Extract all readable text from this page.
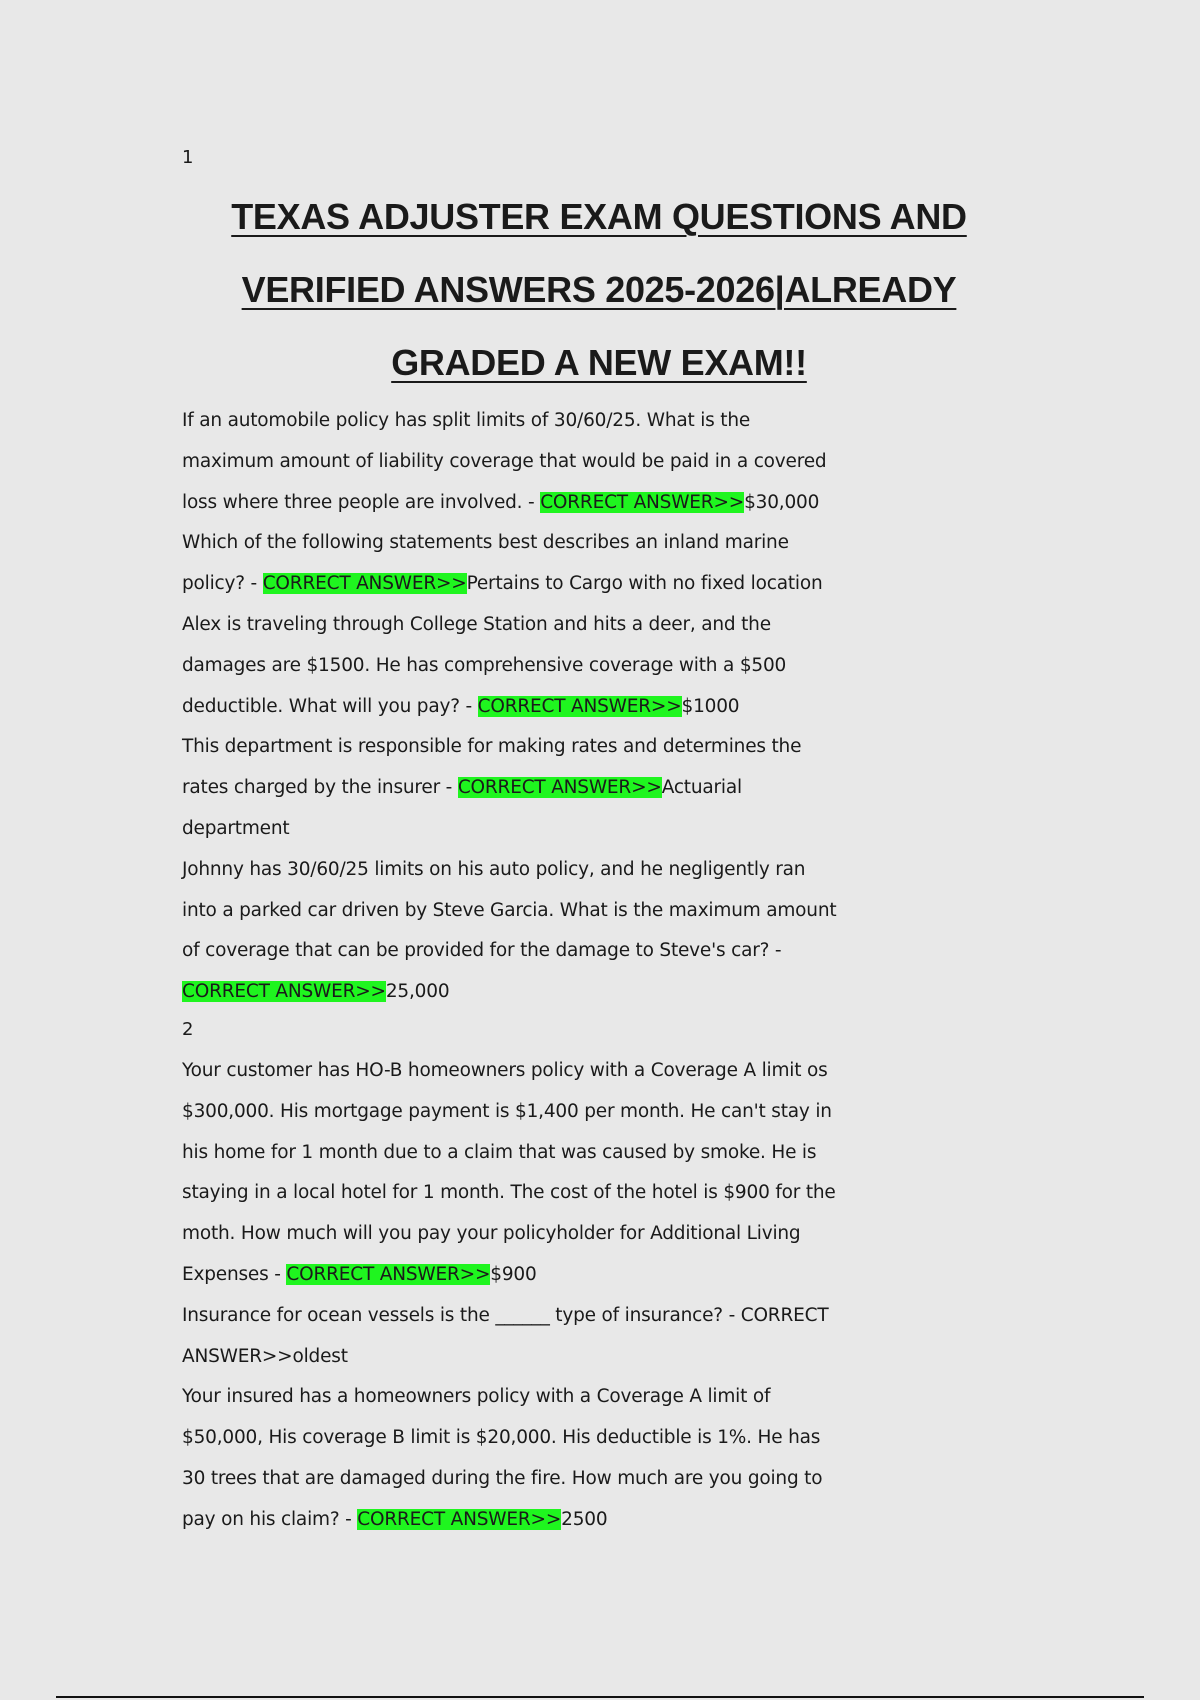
1
TEXAS ADJUSTER EXAM QUESTIONS AND
VERIFIED ANSWERS 2025-2026|ALREADY
GRADED A NEW EXAM!!
If an automobile policy has split limits of 30/60/25. What is the maximum amount of liability coverage that would be paid in a covered loss where three people are involved. - CORRECT ANSWER>>$30,000
Which of the following statements best describes an inland marine policy? - CORRECT ANSWER>>Pertains to Cargo with no fixed location
Alex is traveling through College Station and hits a deer, and the damages are $1500. He has comprehensive coverage with a $500 deductible. What will you pay? - CORRECT ANSWER>>$1000
This department is responsible for making rates and determines the rates charged by the insurer - CORRECT ANSWER>>Actuarial department
Johnny has 30/60/25 limits on his auto policy, and he negligently ran into a parked car driven by Steve Garcia. What is the maximum amount of coverage that can be provided for the damage to Steve's car? - CORRECT ANSWER>>25,000
2
Your customer has HO-B homeowners policy with a Coverage A limit os $300,000. His mortgage payment is $1,400 per month. He can't stay in his home for 1 month due to a claim that was caused by smoke. He is staying in a local hotel for 1 month. The cost of the hotel is $900 for the moth. How much will you pay your policyholder for Additional Living Expenses - CORRECT ANSWER>>$900
Insurance for ocean vessels is the ______ type of insurance? - CORRECT ANSWER>>oldest
Your insured has a homeowners policy with a Coverage A limit of $50,000, His coverage B limit is $20,000. His deductible is 1%. He has 30 trees that are damaged during the fire. How much are you going to pay on his claim? - CORRECT ANSWER>>2500
